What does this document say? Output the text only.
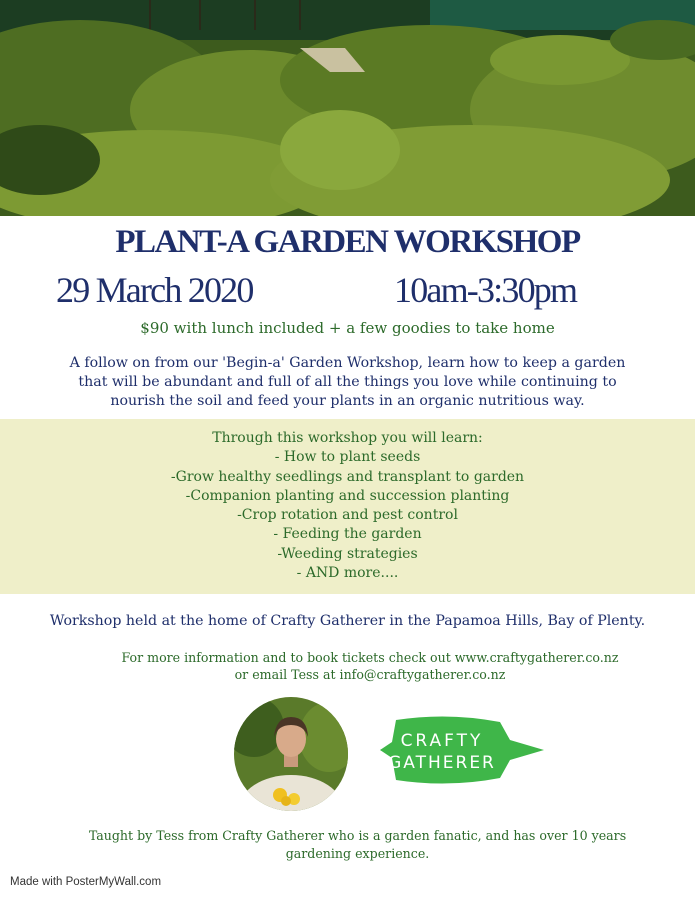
PLANT-A GARDEN WORKSHOP
29 March 2020	10am-3:30pm

$90 with lunch included + a few goodies to take home

A follow on from our 'Begin-a' Garden Workshop, learn how to keep a garden
that will be abundant and full of all the things you love while continuing to
nourish the soil and feed your plants in an organic nutritious way.

Through this workshop you will learn:
- How to plant seeds
-Grow healthy seedlings and transplant to garden
-Companion planting and succession planting
-Crop rotation and pest control
- Feeding the garden
-Weeding strategies
- AND more....

Workshop held at the home of Crafty Gatherer in the Papamoa Hills, Bay of Plenty.

For more information and to book tickets check out www.craftygatherer.co.nz
or email Tess at info@craftygatherer.co.nz

CRAFTY
GATHERER

Taught by Tess from Crafty Gatherer who is a garden fanatic, and has over 10 years
gardening experience.

Made with PosterMyWall.com
